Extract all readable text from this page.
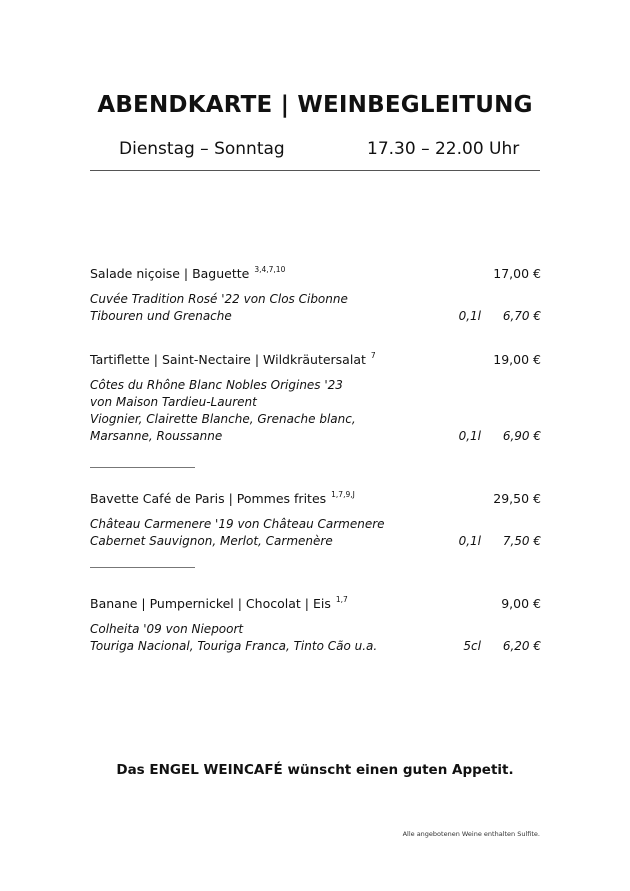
ABENDKARTE | WEINBEGLEITUNG
Dienstag – Sonntag	17.30 – 22.00 Uhr
Salade niçoise | Baguette $^{3,4,7,10}$	17,00 €
Cuvée Tradition Rosé '22 von Clos Cibonne
Tibouren und Grenache	0,1l 6,70 €
Tartiflette | Saint-Nectaire | Wildkräutersalat $^7$	19,00 €
Côtes du Rhône Blanc Nobles Origines '23
von Maison Tardieu-Laurent
Viognier, Clairette Blanche, Grenache blanc,
Marsanne, Roussanne	0,1l 6,90 €
Bavette Café de Paris | Pommes frites $^{1,7,9,J}$	29,50 €
Château Carmenere '19 von Château Carmenere
Cabernet Sauvignon, Merlot, Carmenère	0,1l 7,50 €
Banane | Pumpernickel | Chocolat | Eis $^{1,7}$	9,00 €
Colheita '09 von Niepoort
Touriga Nacional, Touriga Franca, Tinto Cão u.a.	5cl 6,20 €
Das ENGEL WEINCAFÉ wünscht einen guten Appetit.
Alle angebotenen Weine enthalten Sulfite.
